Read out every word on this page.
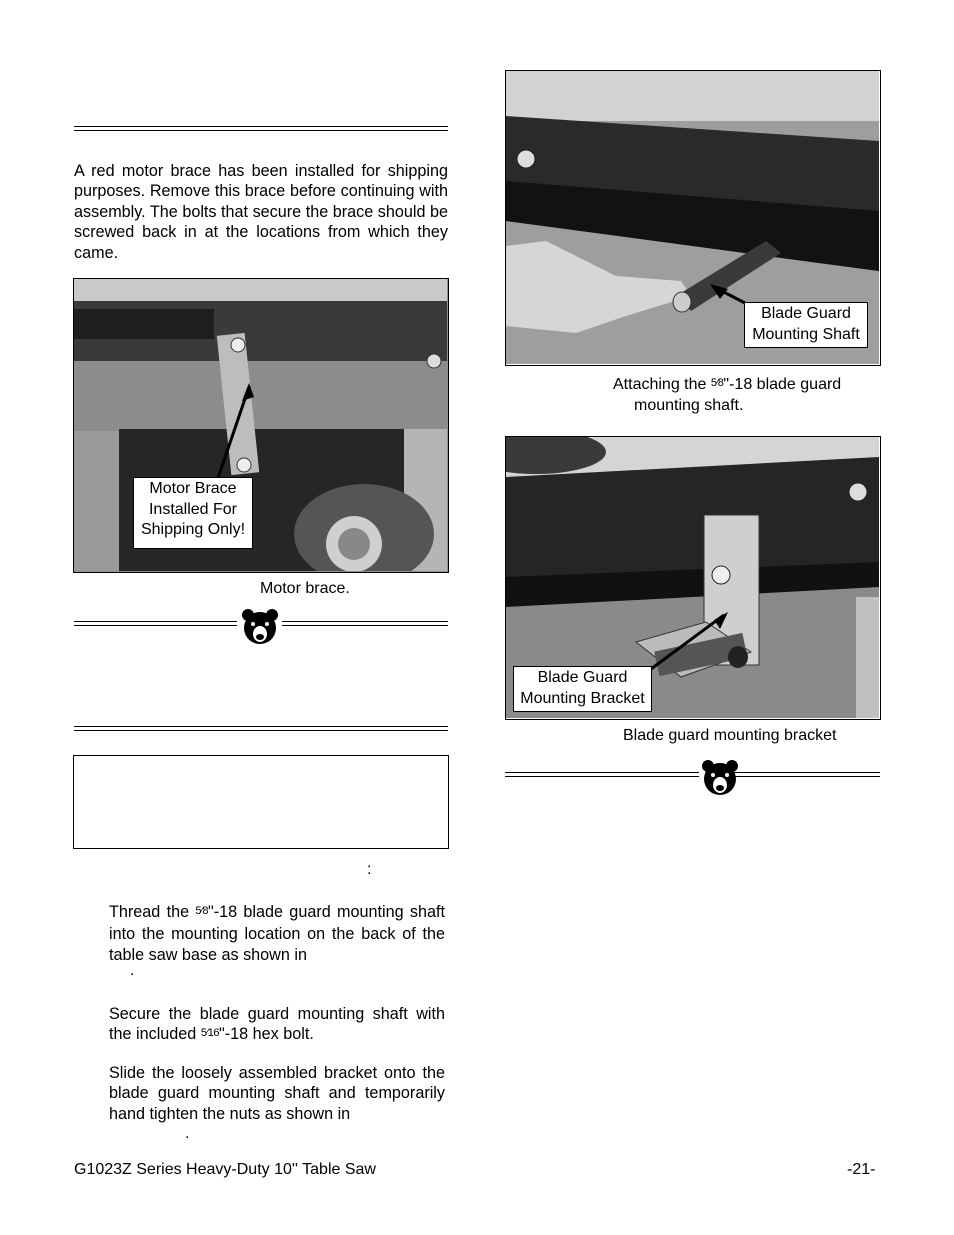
A red motor brace has been installed for shipping purposes. Remove this brace before continuing with assembly. The bolts that secure the brace should be screwed back in at the locations from which they came.
Motor Brace
Installed For
Shipping Only!
Motor brace.
:
Thread the 5⁄8"-18 blade guard mounting shaft into the mounting location on the back of the table saw base as shown in
.
Secure the blade guard mounting shaft with the included 5⁄16"-18 hex bolt.
Slide the loosely assembled bracket onto the blade guard mounting shaft and temporarily hand tighten the nuts as shown in
.
Blade Guard
Mounting Shaft
Attaching the 5⁄8"-18 blade guard
mounting shaft.
Blade Guard
Mounting Bracket
Blade guard mounting bracket
G1023Z Series Heavy-Duty 10'' Table Saw	-21-
